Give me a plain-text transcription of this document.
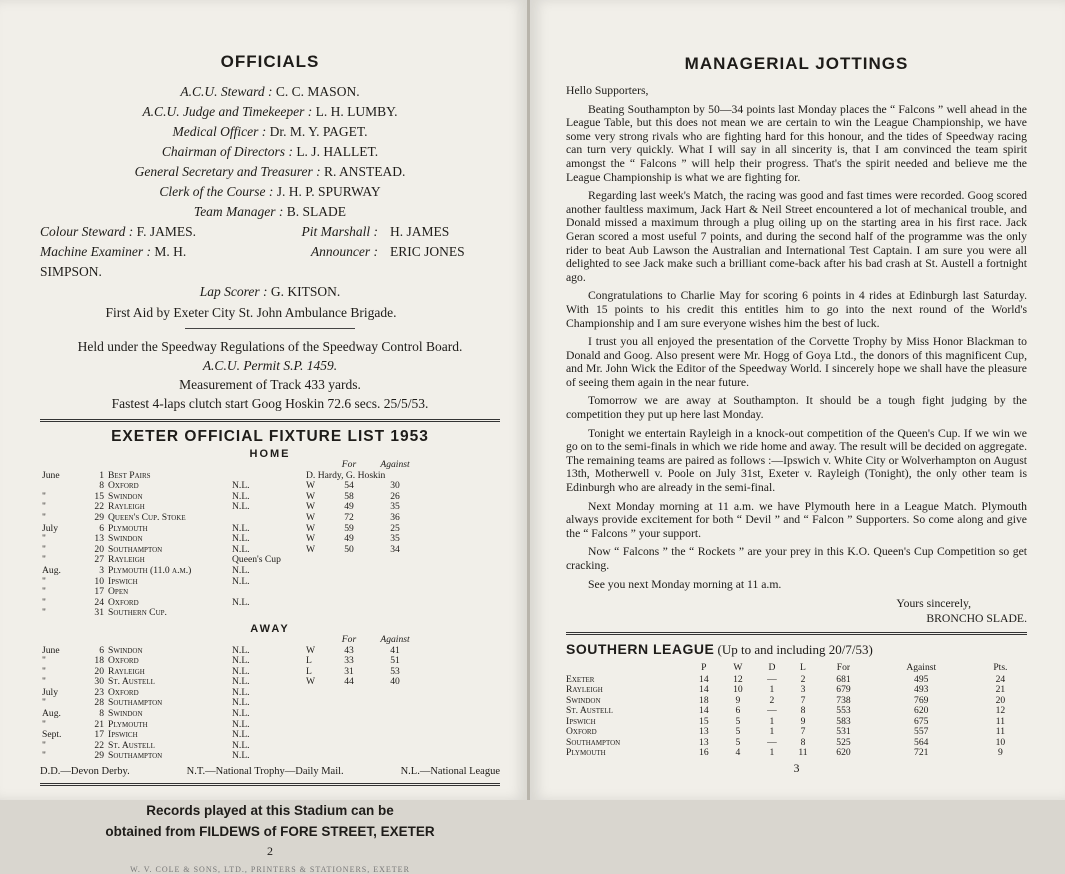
OFFICIALS
A.C.U. Steward : C. C. MASON.
A.C.U. Judge and Timekeeper : L. H. LUMBY.
Medical Officer : Dr. M. Y. PAGET.
Chairman of Directors : L. J. HALLET.
General Secretary and Treasurer : R. ANSTEAD.
Clerk of the Course : J. H. P. SPURWAY
Team Manager : B. SLADE
Colour Steward : F. JAMES.	Pit Marshall : H. JAMES
Machine Examiner : M. H. SIMPSON.
Announcer : ERIC JONES
Lap Scorer : G. KITSON.
First Aid by Exeter City St. John Ambulance Brigade.
Held under the Speedway Regulations of the Speedway Control Board.
A.C.U. Permit S.P. 1459.
Measurement of Track 433 yards.
Fastest 4-laps clutch start Goog Hoskin 72.6 secs. 25/5/53.
EXETER OFFICIAL FIXTURE LIST 1953
HOME
					For	Against
June	1	Best Pairs		D. Hardy, G. Hoskin		
	8	Oxford	N.L.	W	54	30
"	15	Swindon	N.L.	W	58	26
"	22	Rayleigh	N.L.	W	49	35
"	29	Queen's Cup. Stoke		W	72	36
July	6	Plymouth	N.L.	W	59	25
"	13	Swindon	N.L.	W	49	35
"	20	Southampton	N.L.	W	50	34
"	27	Rayleigh	Queen's Cup			
Aug.	3	Plymouth (11.0 a.m.)	N.L.			
"	10	Ipswich	N.L.			
"	17	Open				
"	24	Oxford	N.L.			
"	31	Southern Cup.				
AWAY
					For	Against
June	6	Swindon	N.L.	W	43	41
"	18	Oxford	N.L.	L	33	51
"	20	Rayleigh	N.L.	L	31	53
"	30	St. Austell	N.L.	W	44	40
July	23	Oxford	N.L.			
"	28	Southampton	N.L.			
Aug.	8	Swindon	N.L.			
"	21	Plymouth	N.L.			
Sept.	17	Ipswich	N.L.			
"	22	St. Austell	N.L.			
"	29	Southampton	N.L.			
D.D.—Devon Derby.	N.T.—National Trophy—Daily Mail.	N.L.—National League
Records played at this Stadium can be
obtained from FILDEWS of FORE STREET, EXETER
2
W. V. COLE & SONS, LTD., PRINTERS & STATIONERS, EXETER
MANAGERIAL JOTTINGS

Hello Supporters,

Beating Southampton by 50—34 points last Monday places the “ Falcons ” well ahead in the League Table, but this does not mean we are certain to win the League Championship, we have some very strong rivals who are fighting hard for this honour, and the tides of Speedway racing can turn very quickly. What I will say in all sincerity is, that I am convinced the team spirit amongst the “ Falcons ” will help their progress. That's the spirit needed and believe me the League Championship is what we are fighting for.

Regarding last week's Match, the racing was good and fast times were recorded. Goog scored another faultless maximum, Jack Hart & Neil Street encountered a lot of mechanical trouble, and Donald missed a maximum through a plug oiling up on the starting area in his first race. Jack Geran scored a most useful 7 points, and during the second half of the programme was the only rider to beat Aub Lawson the Australian and International Test Captain. I am sure you were all delighted to see Jack make such a brilliant come-back after his bad crash at St. Austell a fortnight ago.

Congratulations to Charlie May for scoring 6 points in 4 rides at Edinburgh last Saturday. With 15 points to his credit this entitles him to go into the next round of the World's Championship and I am sure everyone wishes him the best of luck.

I trust you all enjoyed the presentation of the Corvette Trophy by Miss Honor Blackman to Donald and Goog. Also present were Mr. Hogg of Goya Ltd., the donors of this magnificent Cup, and Mr. John Wick the Editor of the Speedway World. I sincerely hope we shall have the pleasure of seeing them again in the near future.

Tomorrow we are away at Southampton. It should be a tough fight judging by the competition they put up here last Monday.

Tonight we entertain Rayleigh in a knock-out competition of the Queen's Cup. If we win we go on to the semi-finals in which we ride home and away. The result will be decided on aggregate. The remaining teams are paired as follows :—Ipswich v. White City or Wolverhampton on August 13th, Motherwell v. Poole on July 31st, Exeter v. Rayleigh (Tonight), the only other team is Edinburgh who are already in the semi-final.

Next Monday morning at 11 a.m. we have Plymouth here in a League Match. Plymouth always provide excitement for both “ Devil ” and “ Falcon ” Supporters. So come along and give the “ Falcons ” your support.

Now “ Falcons ” the “ Rockets ” are your prey in this K.O. Queen's Cup Competition so get cracking.

See you next Monday morning at 11 a.m.

Yours sincerely,
BRONCHO SLADE.
SOUTHERN LEAGUE (Up to and including 20/7/53)
	P	W	D	L	For	Against	Pts.
Exeter	14	12	—	2	681	495	24
Rayleigh	14	10	1	3	679	493	21
Swindon	18	9	2	7	738	769	20
St. Austell	14	6	—	8	553	620	12
Ipswich	15	5	1	9	583	675	11
Oxford	13	5	1	7	531	557	11
Southampton	13	5	—	8	525	564	10
Plymouth	16	4	1	11	620	721	9
3
